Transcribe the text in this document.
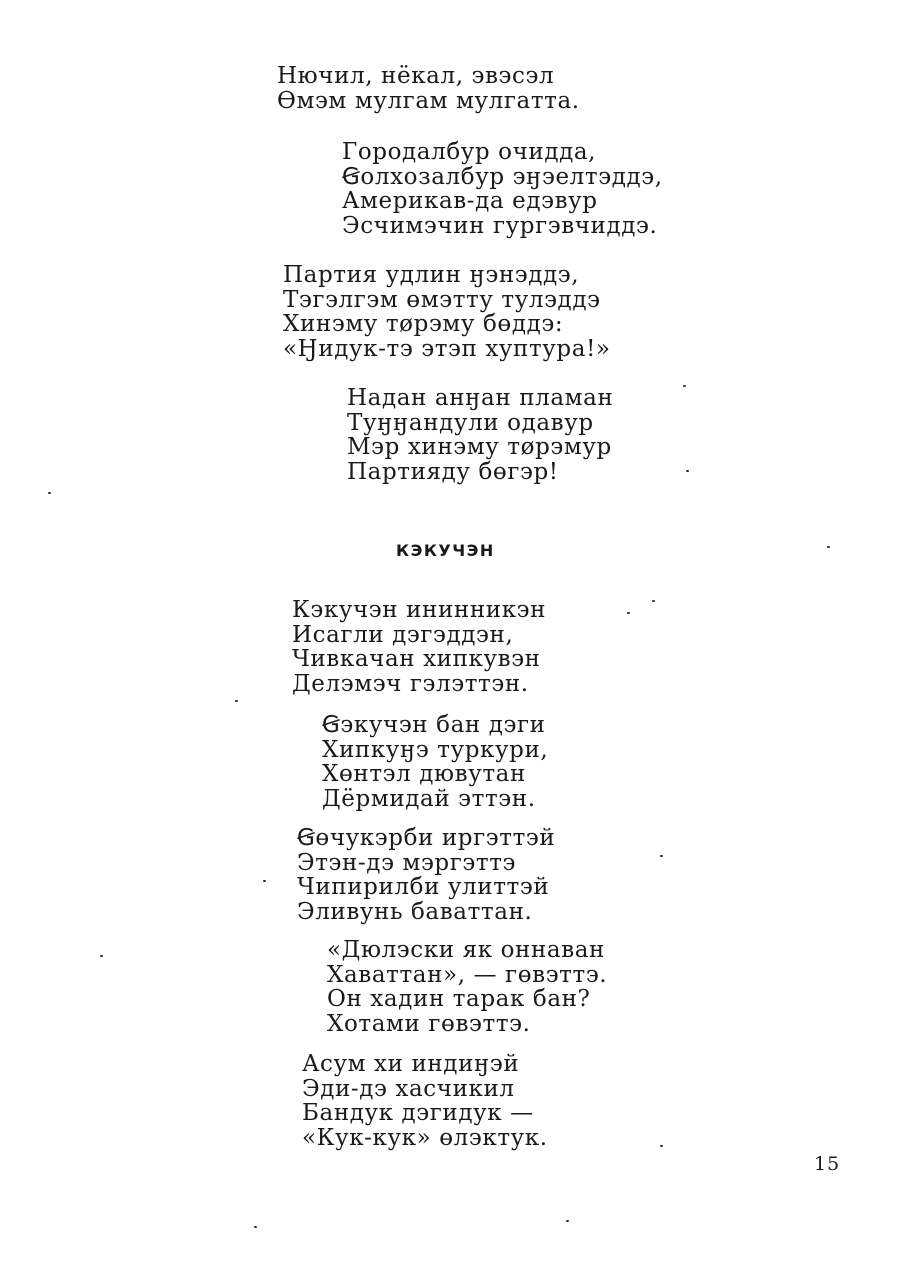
Нючил, нёкал, эвэсэл
Өмэм мулгам мулгатта.
Городалбур очидда,
Ꞡолхозалбур эӈэелтэддэ,
Америкав-да едэвур
Эсчимэчин гургэвчиддэ.
Партия удлин ӈэнэддэ,
Тэгэлгэм өмэтту тулэддэ
Хинэму тøрэму бөддэ:
«Ӈидук-тэ этэп хуптура!»
Надан анӈан пламан
Туӈӈандули одавур
Мэр хинэму тøрэмур
Партияду бөгэр!
КЭКУЧЭН
Кэкучэн ининникэн
Исагли дэгэддэн,
Чивкачан хипкувэн
Делэмэч гэлэттэн.
Ꞡэкучэн бан дэги
Хипкуӈэ туркури,
Хөнтэл дювутан
Дёрмидай эттэн.
Ꞡөчукэрби иргэттэй
Этэн-дэ мэргэттэ
Чипирилби улиттэй
Эливунь баваттан.
«Дюлэски як оннаван
Хаваттан», — гөвэттэ.
Он хадин тарак бан?
Хотами гөвэттэ.
Асум хи индиӈэй
Эди-дэ хасчикил
Бандук дэгидук —
«Кук-кук» өлэктук.
15
